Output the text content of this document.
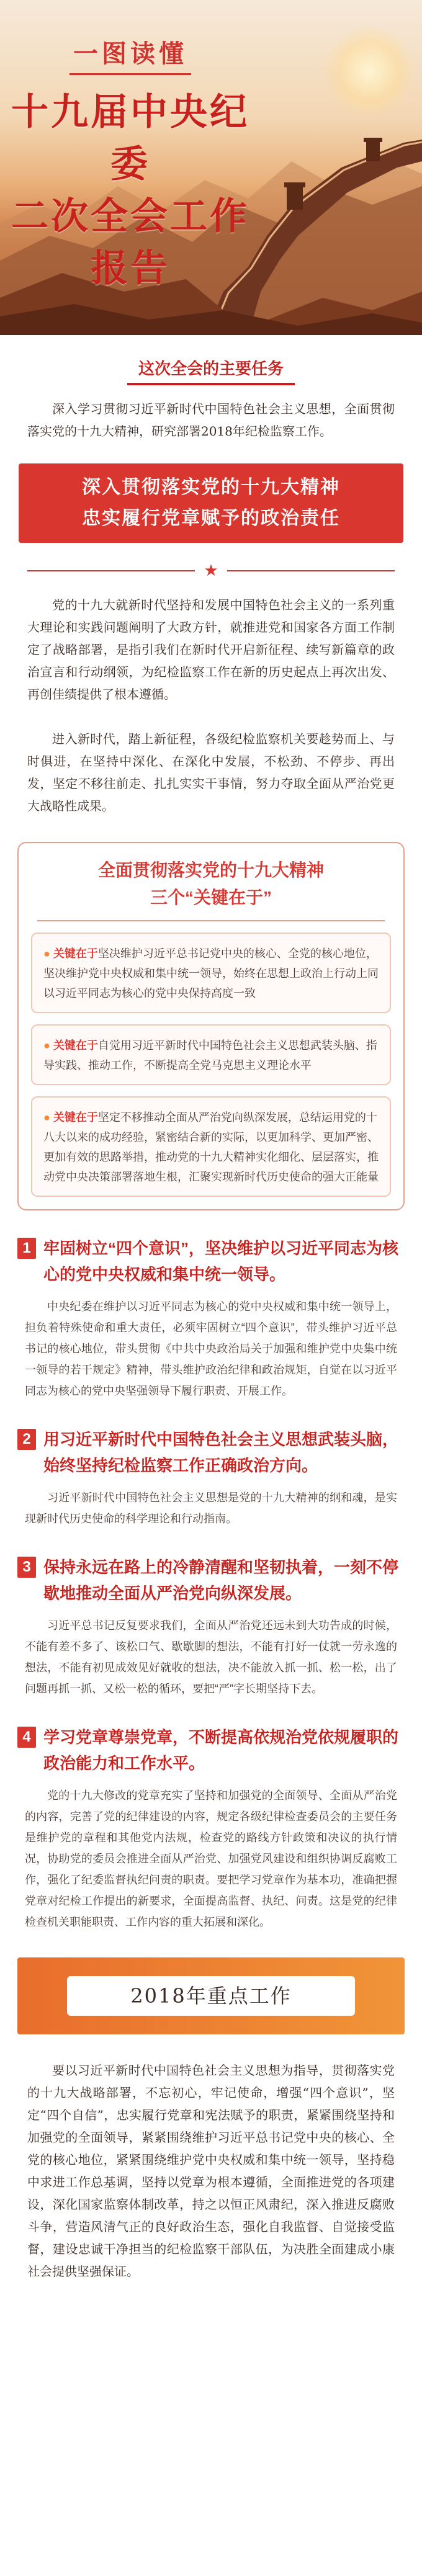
一图读懂
十九届中央纪委
二次全会工作报告
这次全会的主要任务

深入学习贯彻习近平新时代中国特色社会主义思想，全面贯彻落实党的十九大精神，研究部署2018年纪检监察工作。

深入贯彻落实党的十九大精神
忠实履行党章赋予的政治责任
★

党的十九大就新时代坚持和发展中国特色社会主义的一系列重大理论和实践问题阐明了大政方针，就推进党和国家各方面工作制定了战略部署，是指引我们在新时代开启新征程、续写新篇章的政治宣言和行动纲领，为纪检监察工作在新的历史起点上再次出发、再创佳绩提供了根本遵循。

进入新时代，踏上新征程，各级纪检监察机关要趁势而上、与时俱进，在坚持中深化、在深化中发展，不松劲、不停步、再出发，坚定不移往前走、扎扎实实干事情，努力夺取全面从严治党更大战略性成果。

全面贯彻落实党的十九大精神
三个“关键在于”
● 关键在于坚决维护习近平总书记党中央的核心、全党的核心地位，坚决维护党中央权威和集中统一领导，始终在思想上政治上行动上同以习近平同志为核心的党中央保持高度一致
● 关键在于自觉用习近平新时代中国特色社会主义思想武装头脑、指导实践、推动工作，不断提高全党马克思主义理论水平
● 关键在于坚定不移推动全面从严治党向纵深发展，总结运用党的十八大以来的成功经验，紧密结合新的实际，以更加科学、更加严密、更加有效的思路举措，推动党的十九大精神实化细化、层层落实，推动党中央决策部署落地生根，汇聚实现新时代历史使命的强大正能量
1 牢固树立“四个意识”，坚决维护以习近平同志为核心的党中央权威和集中统一领导。

中央纪委在维护以习近平同志为核心的党中央权威和集中统一领导上，担负着特殊使命和重大责任，必须牢固树立“四个意识”，带头维护习近平总书记的核心地位，带头贯彻《中共中央政治局关于加强和维护党中央集中统一领导的若干规定》精神，带头维护政治纪律和政治规矩，自觉在以习近平同志为核心的党中央坚强领导下履行职责、开展工作。

2 用习近平新时代中国特色社会主义思想武装头脑，始终坚持纪检监察工作正确政治方向。

习近平新时代中国特色社会主义思想是党的十九大精神的纲和魂，是实现新时代历史使命的科学理论和行动指南。

3 保持永远在路上的冷静清醒和坚韧执着，一刻不停歇地推动全面从严治党向纵深发展。

习近平总书记反复要求我们，全面从严治党还远未到大功告成的时候，不能有差不多了、该松口气、歇歇脚的想法，不能有打好一仗就一劳永逸的想法，不能有初见成效见好就收的想法，决不能放入抓一抓、松一松，出了问题再抓一抓、又松一松的循环，要把“严”字长期坚持下去。

4 学习党章尊崇党章，不断提高依规治党依规履职的政治能力和工作水平。

党的十九大修改的党章充实了坚持和加强党的全面领导、全面从严治党的内容，完善了党的纪律建设的内容，规定各级纪律检查委员会的主要任务是维护党的章程和其他党内法规，检查党的路线方针政策和决议的执行情况，协助党的委员会推进全面从严治党、加强党风建设和组织协调反腐败工作，强化了纪委监督执纪问责的职责。要把学习党章作为基本功，准确把握党章对纪检工作提出的新要求，全面提高监督、执纪、问责。这是党的纪律检查机关职能职责、工作内容的重大拓展和深化。

2018年重点工作

要以习近平新时代中国特色社会主义思想为指导，贯彻落实党的十九大战略部署，不忘初心，牢记使命，增强“四个意识”，坚定“四个自信”，忠实履行党章和宪法赋予的职责，紧紧围绕坚持和加强党的全面领导，紧紧围绕维护习近平总书记党中央的核心、全党的核心地位，紧紧围绕维护党中央权威和集中统一领导，坚持稳中求进工作总基调，坚持以党章为根本遵循，全面推进党的各项建设，深化国家监察体制改革，持之以恒正风肃纪，深入推进反腐败斗争，营造风清气正的良好政治生态，强化自我监督、自觉接受监督，建设忠诚干净担当的纪检监察干部队伍，为决胜全面建成小康社会提供坚强保证。
